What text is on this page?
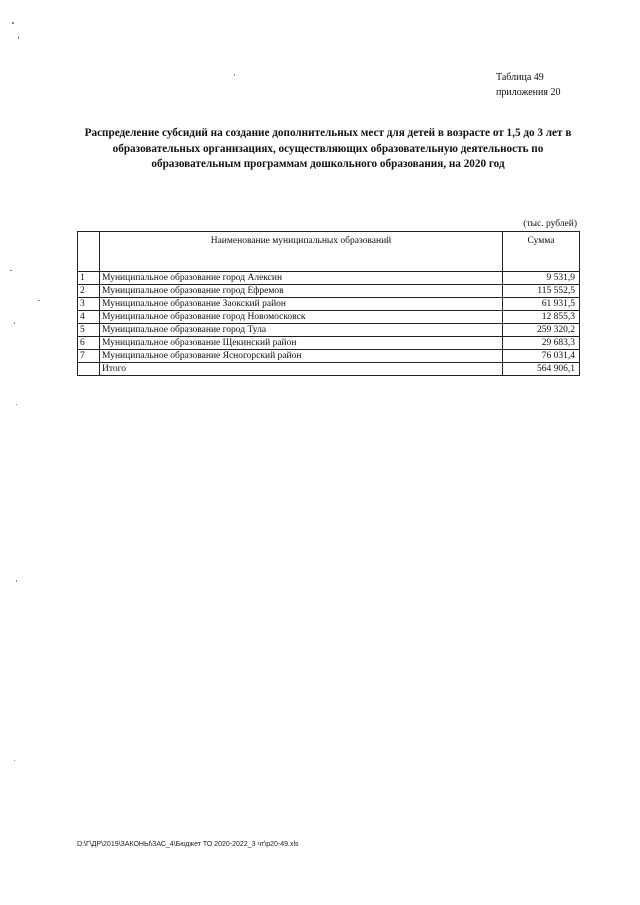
Таблица 49
приложения 20
Распределение субсидий на создание дополнительных мест для детей в возрасте от 1,5 до 3 лет в образовательных организациях, осуществляющих образовательную деятельность по образовательным программам дошкольного образования, на 2020 год
(тыс. рублей)
	Наименование муниципальных образований	Сумма
1	Муниципальное образование город Алексин	9 531,9
2	Муниципальное образование город Ефремов	115 552,5
3	Муниципальное образование Заокский район	61 931,5
4	Муниципальное образование город Новомосковск	12 855,3
5	Муниципальное образование город Тула	259 320,2
6	Муниципальное образование Щекинский район	29 683,3
7	Муниципальное образование Ясногорский район	76 031,4
	Итого	564 906,1
D:\Г\ДР\2019\ЗАКОНЫ\ЗАС_4\Бюджет ТО 2020-2022_3 чт\р20-49.xls
